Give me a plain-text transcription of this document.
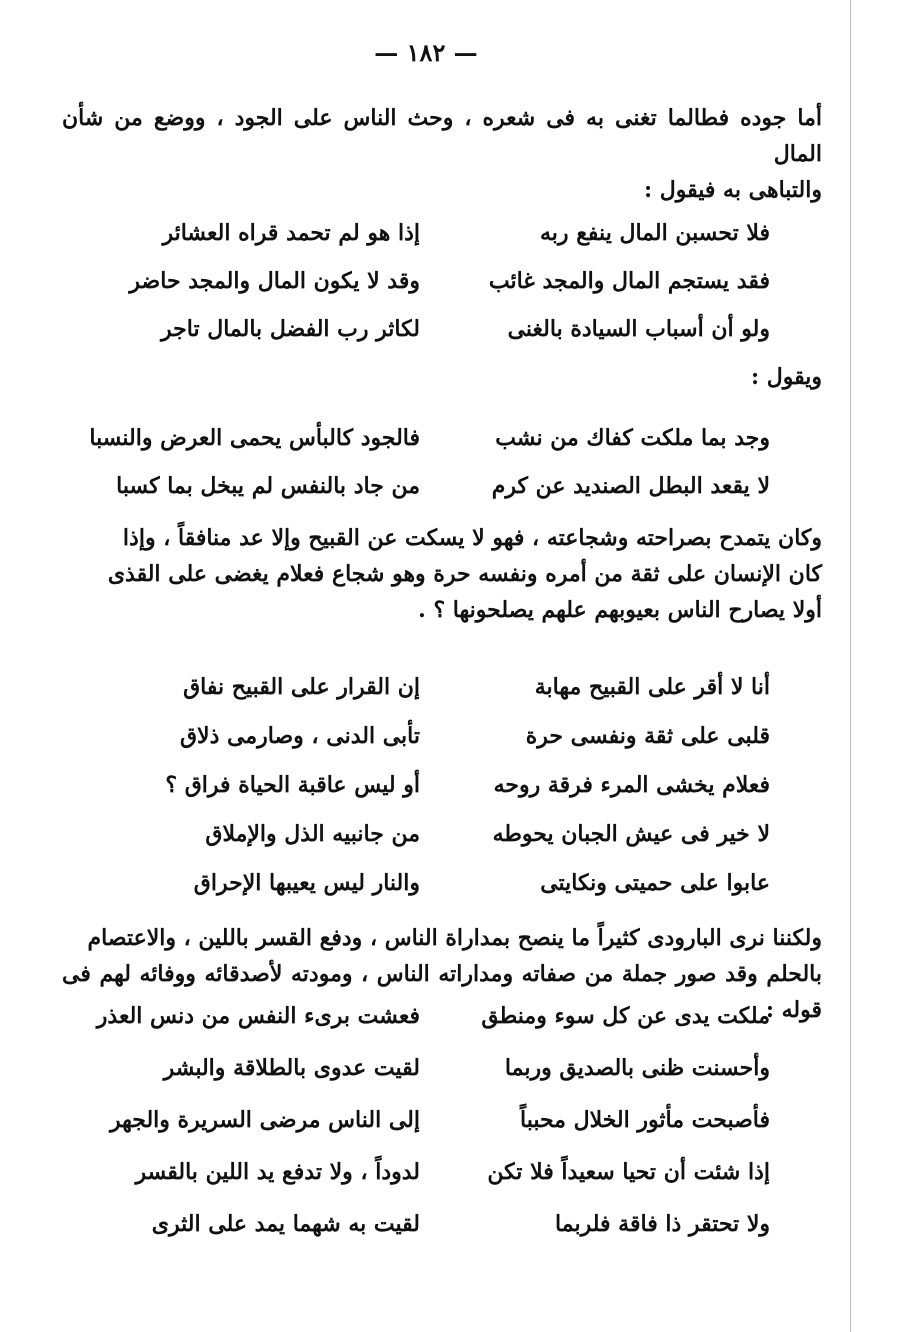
— ١٨٢ —

أما جوده فطالما تغنى به فى شعره ، وحث الناس على الجود ، ووضع من شأن المال

والتباهى به فيقول :

فلا تحسبن المال ينفع ربه
إذا هو لم تحمد قراه العشائر
فقد يستجم المال والمجد غائب
وقد لا يكون المال والمجد حاضر
ولو أن أسباب السيادة بالغنى
لكاثر رب الفضل بالمال تاجر
ويقول :
وجد بما ملكت كفاك من نشب
فالجود كالبأس يحمى العرض والنسبا
لا يقعد البطل الصنديد عن كرم
من جاد بالنفس لم يبخل بما كسبا

وكان يتمدح بصراحته وشجاعته ، فهو لا يسكت عن القبيح وإلا عد منافقاً ، وإذا

كان الإنسان على ثقة من أمره ونفسه حرة وهو شجاع فعلام يغضى على القذى

أولا يصارح الناس بعيوبهم علهم يصلحونها ؟ .

أنا لا أقر على القبيح مهابة
إن القرار على القبيح نفاق
قلبى على ثقة ونفسى حرة
تأبى الدنى ، وصارمى ذلاق
فعلام يخشى المرء فرقة روحه
أو ليس عاقبة الحياة فراق ؟
لا خير فى عيش الجبان يحوطه
من جانبيه الذل والإملاق
عابوا على حميتى ونكايتى
والنار ليس يعيبها الإحراق

ولكننا نرى البارودى كثيراً ما ينصح بمداراة الناس ، ودفع القسر باللين ، والاعتصام

بالحلم وقد صور جملة من صفاته ومداراته الناس ، ومودته لأصدقائه ووفائه لهم فى قوله :

ملكت يدى عن كل سوء ومنطق
فعشت برىء النفس من دنس العذر
وأحسنت ظنى بالصديق وربما
لقيت عدوى بالطلاقة والبشر
فأصبحت مأثور الخلال محبباً
إلى الناس مرضى السريرة والجهر
إذا شئت أن تحيا سعيداً فلا تكن
لدوداً ، ولا تدفع يد اللين بالقسر
ولا تحتقر ذا فاقة فلربما
لقيت به شهما يمد على الثرى
